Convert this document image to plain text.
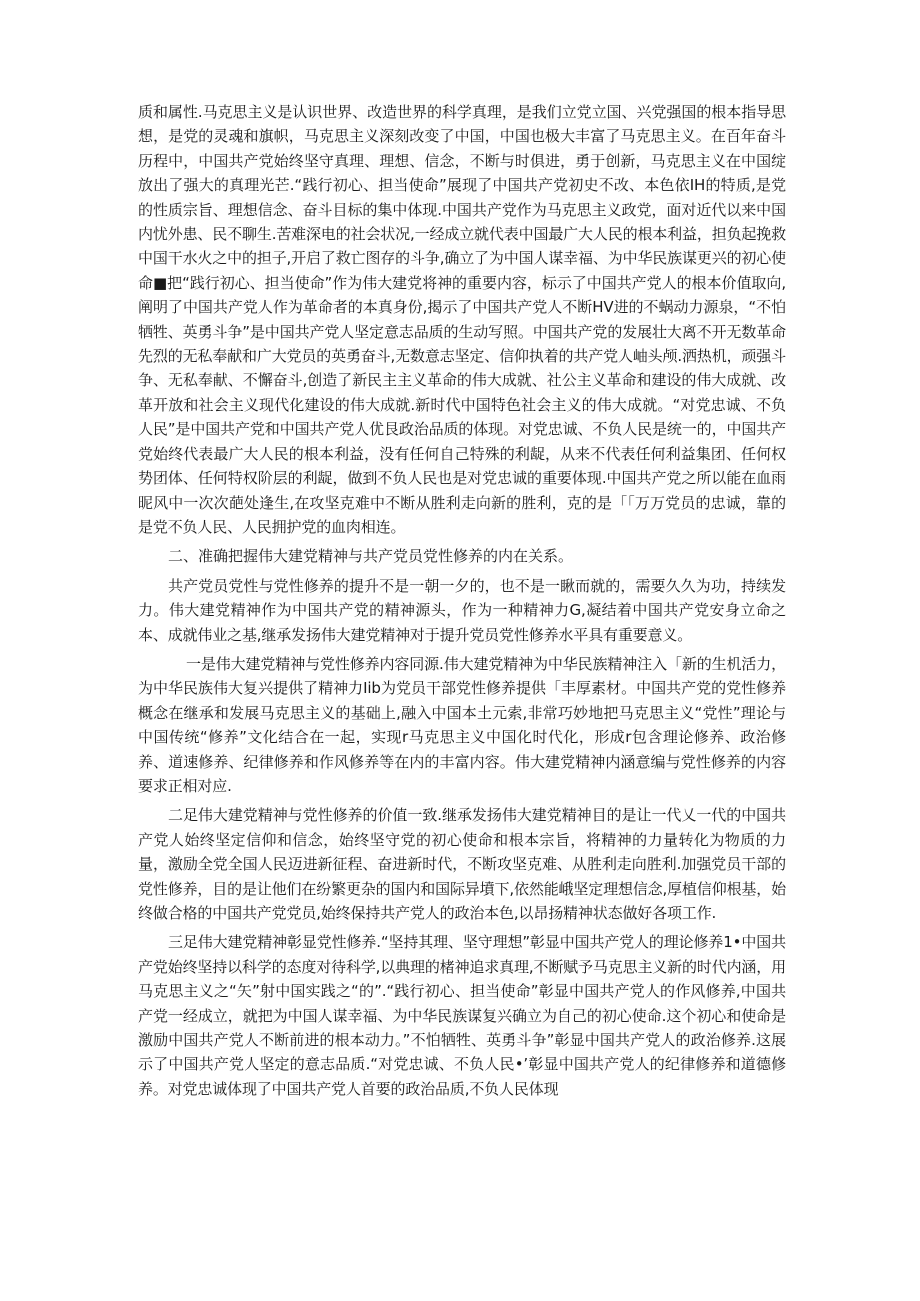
质和属性.马克思主义是认识世界、改造世界的科学真理，是我们立党立国、兴党强国的根本指导思想，是党的灵魂和旗帜，马克思主义深刻改变了中国，中国也极大丰富了马克思主义。在百年奋斗历程中，中国共产党始终坚守真理、理想、信念，不断与时俱进，勇于创新，马克思主义在中国绽放出了强大的真理光芒.“践行初心、担当使命”展现了中国共产党初史不改、本色依IH的特质,是党的性质宗旨、理想信念、奋斗目标的集中体现.中国共产党作为马克思主义政党，面对近代以来中国内忧外患、民不聊生.苦难深电的社会状况,一经成立就代表中国最广大人民的根本利益，担负起挽救中国干水火之中的担子,开启了救亡图存的斗争,确立了为中国人谋幸福、为中华民族谋更兴的初心使命■把“践行初心、担当使命”作为伟大建党将神的重要内容，标示了中国共产党人的根本价值取向,阐明了中国共产党人作为革命者的本真身份,揭示了中国共产党人不断HV进的不蜗动力源泉，“不怕牺牲、英勇斗争”是中国共产党人坚定意志品质的生动写照。中国共产党的发展壮大离不开无数革命先烈的无私奉献和广大党员的英勇奋斗,无数意志坚定、信仰执着的共产党人岫头颅.洒热机，顽强斗争、无私奉献、不懈奋斗,创造了新民主主义革命的伟大成就、社公主义革命和建设的伟大成就、改革开放和社会主义现代化建设的伟大成就.新时代中国特色社会主义的伟大成就。“对党忠诚、不负人民”是中国共产党和中国共产党人优艮政治品质的体现。对党忠诚、不负人民是统一的，中国共产党始终代表最广大人民的根本利益，没有任何自己特殊的利龊，从来不代表任何利益集团、任何权势团体、任何特权阶层的利龊，做到不负人民也是对党忠诚的重要体现.中国共产党之所以能在血雨昵风中一次次葩处逢生,在攻坚克难中不断从胜利走向新的胜利，克的是「「万万党员的忠诚，靠的是党不负人民、人民拥护党的血肉相连。

二、准确把握伟大建党精神与共产党员党性修养的内在关系。

共产党员党性与党性修养的提升不是一朝一夕的，也不是一瞅而就的，需要久久为功，持续发力。伟大建党精神作为中国共产党的精神源头，作为一种精神力G,凝结着中国共产党安身立命之本、成就伟业之基,继承发扬伟大建党精神对于提升党员党性修养水平具有重要意义。

一是伟大建党精神与党性修养内容同源.伟大建党精神为中华民族精神注入「新的生机活力，为中华民族伟大复兴提供了精神力Iib为党员干部党性修养提供「丰厚素材。中国共产党的党性修养概念在继承和发展马克思主义的基础上,融入中国本土元索,非常巧妙地把马克思主义“党性”理论与中国传统“修养”文化结合在一起，实现r马克思主义中国化时代化，形成r包含理论修养、政治修养、道速修养、纪律修养和作风修养等在内的丰富内容。伟大建党精神内涵意编与党性修养的内容要求正相对应.

二足伟大建党精神与党性修养的价值一致.继承发扬伟大建党精神目的是让一代乂一代的中国共产党人始终坚定信仰和信念，始终坚守党的初心使命和根本宗旨，将精神的力量转化为物质的力量，激励全党全国人民迈进新征程、奋进新时代，不断攻坚克难、从胜利走向胜利.加强党员干部的党性修养，目的是让他们在纷繁更杂的国内和国际异墳下,依然能峨坚定理想信念,厚植信仰根基，始终做合格的中国共产党党员,始终保持共产党人的政治本色,以昂扬精神状态做好各项工作.

三足伟大建党精神彰显党性修养.“坚持其理、坚守理想”彰显中国共产党人的理论修养1•中国共产党始终坚持以科学的态度对待科学,以典理的楮神追求真理,不断赋予马克思主义新的时代内涵，用马克思主义之“矢”射中国实践之“的”.“践行初心、担当使命”彰显中国共产党人的作风修养,中国共产党一经成立，就把为中国人谋幸福、为中华民族谋复兴确立为自己的初心使命.这个初心和使命是激励中国共产党人不断前进的根本动力。”不怕牺牲、英勇斗争”彰显中国共产党人的政治修养.这展示了中国共产党人坚定的意志品质.“对党忠诚、不负人民•’彰显中国共产党人的纪律修养和道德修养。对党忠诚体现了中国共产党人首要的政治品质,不负人民体现
